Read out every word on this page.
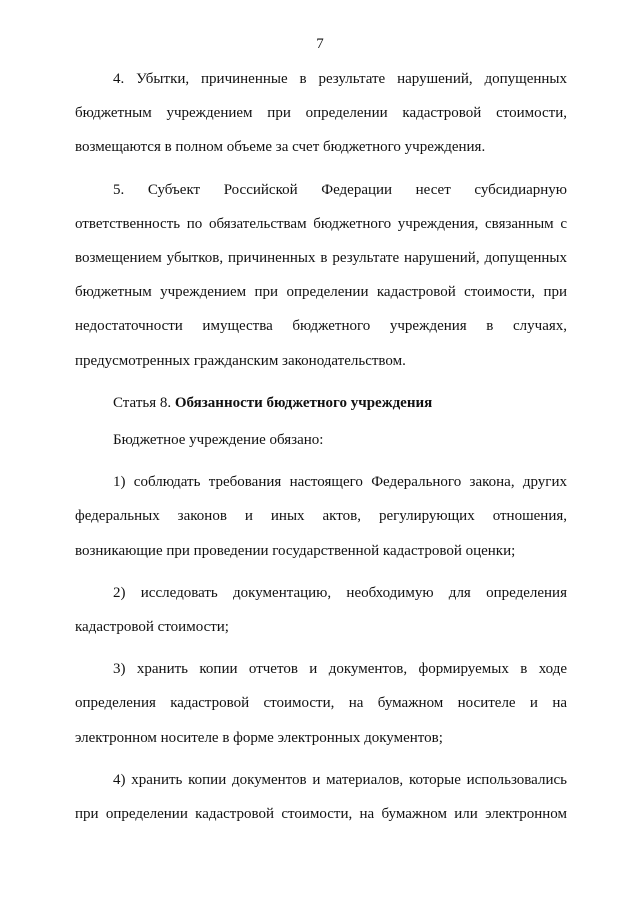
7

4. Убытки, причиненные в результате нарушений, допущенных бюджетным учреждением при определении кадастровой стоимости, возмещаются в полном объеме за счет бюджетного учреждения.

5. Субъект Российской Федерации несет субсидиарную ответственность по обязательствам бюджетного учреждения, связанным с возмещением убытков, причиненных в результате нарушений, допущенных бюджетным учреждением при определении кадастровой стоимости, при недостаточности имущества бюджетного учреждения в случаях, предусмотренных гражданским законодательством.

Статья 8. Обязанности бюджетного учреждения

Бюджетное учреждение обязано:

1) соблюдать требования настоящего Федерального закона, других федеральных законов и иных актов, регулирующих отношения, возникающие при проведении государственной кадастровой оценки;

2) исследовать документацию, необходимую для определения кадастровой стоимости;

3) хранить копии отчетов и документов, формируемых в ходе определения кадастровой стоимости, на бумажном носителе и на электронном носителе в форме электронных документов;

4) хранить копии документов и материалов, которые использовались при определении кадастровой стоимости, на бумажном или электронном
